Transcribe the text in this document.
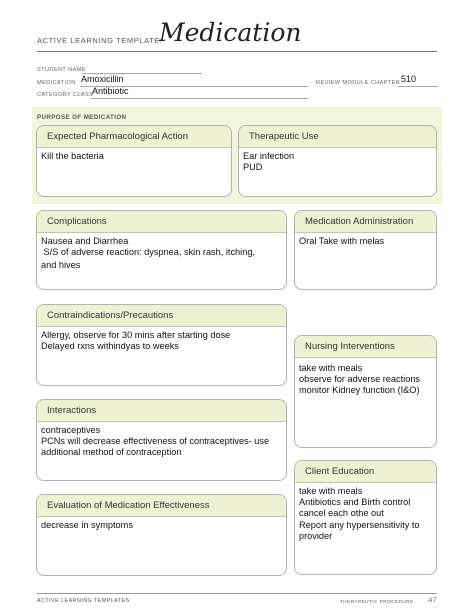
ACTIVE LEARNING TEMPLATE:
Medication
STUDENT NAME
MEDICATION Amoxicillin	REVIEW MODULE CHAPTER 510
CATEGORY CLASS
Antibiotic
PURPOSE OF MEDICATION
Expected Pharmacological Action
Kill the bacteria
Therapeutic Use
Ear infection
PUD
Complications
Nausea and Diarrhea
S/S of adverse reaction: dyspnea, skin rash, itching,
and hives
Medication Administration
Oral Take with melas
Contraindications/Precautions
Allergy, observe for 30 mins after starting dose
Delayed rxns withindyas to weeks	Nursing Interventions
take with meals
observe for adverse reactions
monitor Kidney function (I&O)
Interactions
contraceptives
PCNs will decrease effectiveness of contraceptives- use
additional method of contraception
Client Education
take with meals
Antibiotics and Birth control
cancel each othe out
Report any hypersensitivity to
provider
Evaluation of Medication Effectiveness
decrease in symptoms
ACTIVE LEARNING TEMPLATES	THERAPEUTIC PROCEDURE A7
